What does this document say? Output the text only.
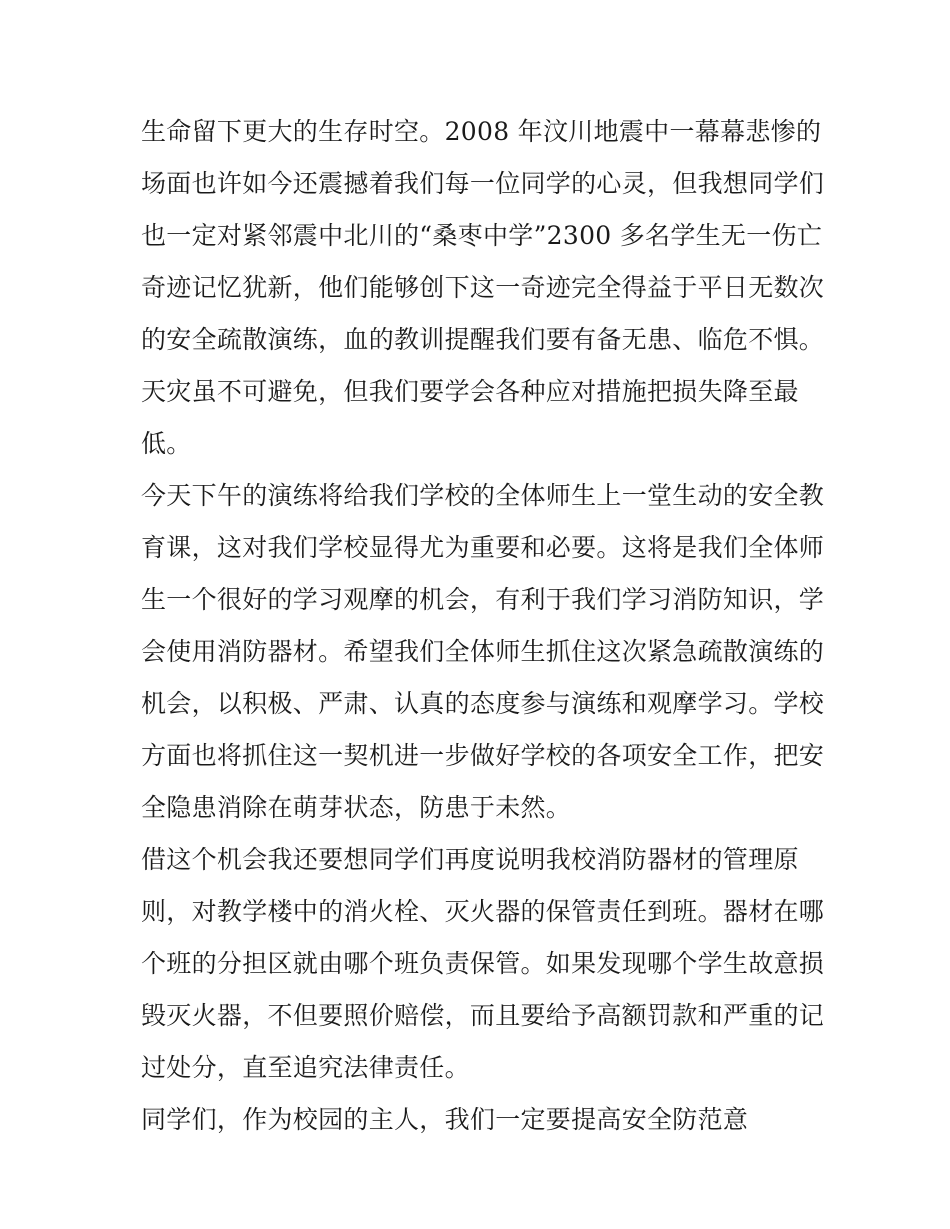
生命留下更大的生存时空。2008 年汶川地震中一幕幕悲惨的
场面也许如今还震撼着我们每一位同学的心灵，但我想同学们
也一定对紧邻震中北川的“桑枣中学”2300 多名学生无一伤亡
奇迹记忆犹新，他们能够创下这一奇迹完全得益于平日无数次
的安全疏散演练，血的教训提醒我们要有备无患、临危不惧。
天灾虽不可避免，但我们要学会各种应对措施把损失降至最
低。
今天下午的演练将给我们学校的全体师生上一堂生动的安全教
育课，这对我们学校显得尤为重要和必要。这将是我们全体师
生一个很好的学习观摩的机会，有利于我们学习消防知识，学
会使用消防器材。希望我们全体师生抓住这次紧急疏散演练的
机会，以积极、严肃、认真的态度参与演练和观摩学习。学校
方面也将抓住这一契机进一步做好学校的各项安全工作，把安
全隐患消除在萌芽状态，防患于未然。
借这个机会我还要想同学们再度说明我校消防器材的管理原
则，对教学楼中的消火栓、灭火器的保管责任到班。器材在哪
个班的分担区就由哪个班负责保管。如果发现哪个学生故意损
毁灭火器，不但要照价赔偿，而且要给予高额罚款和严重的记
过处分，直至追究法律责任。
同学们，作为校园的主人，我们一定要提高安全防范意
